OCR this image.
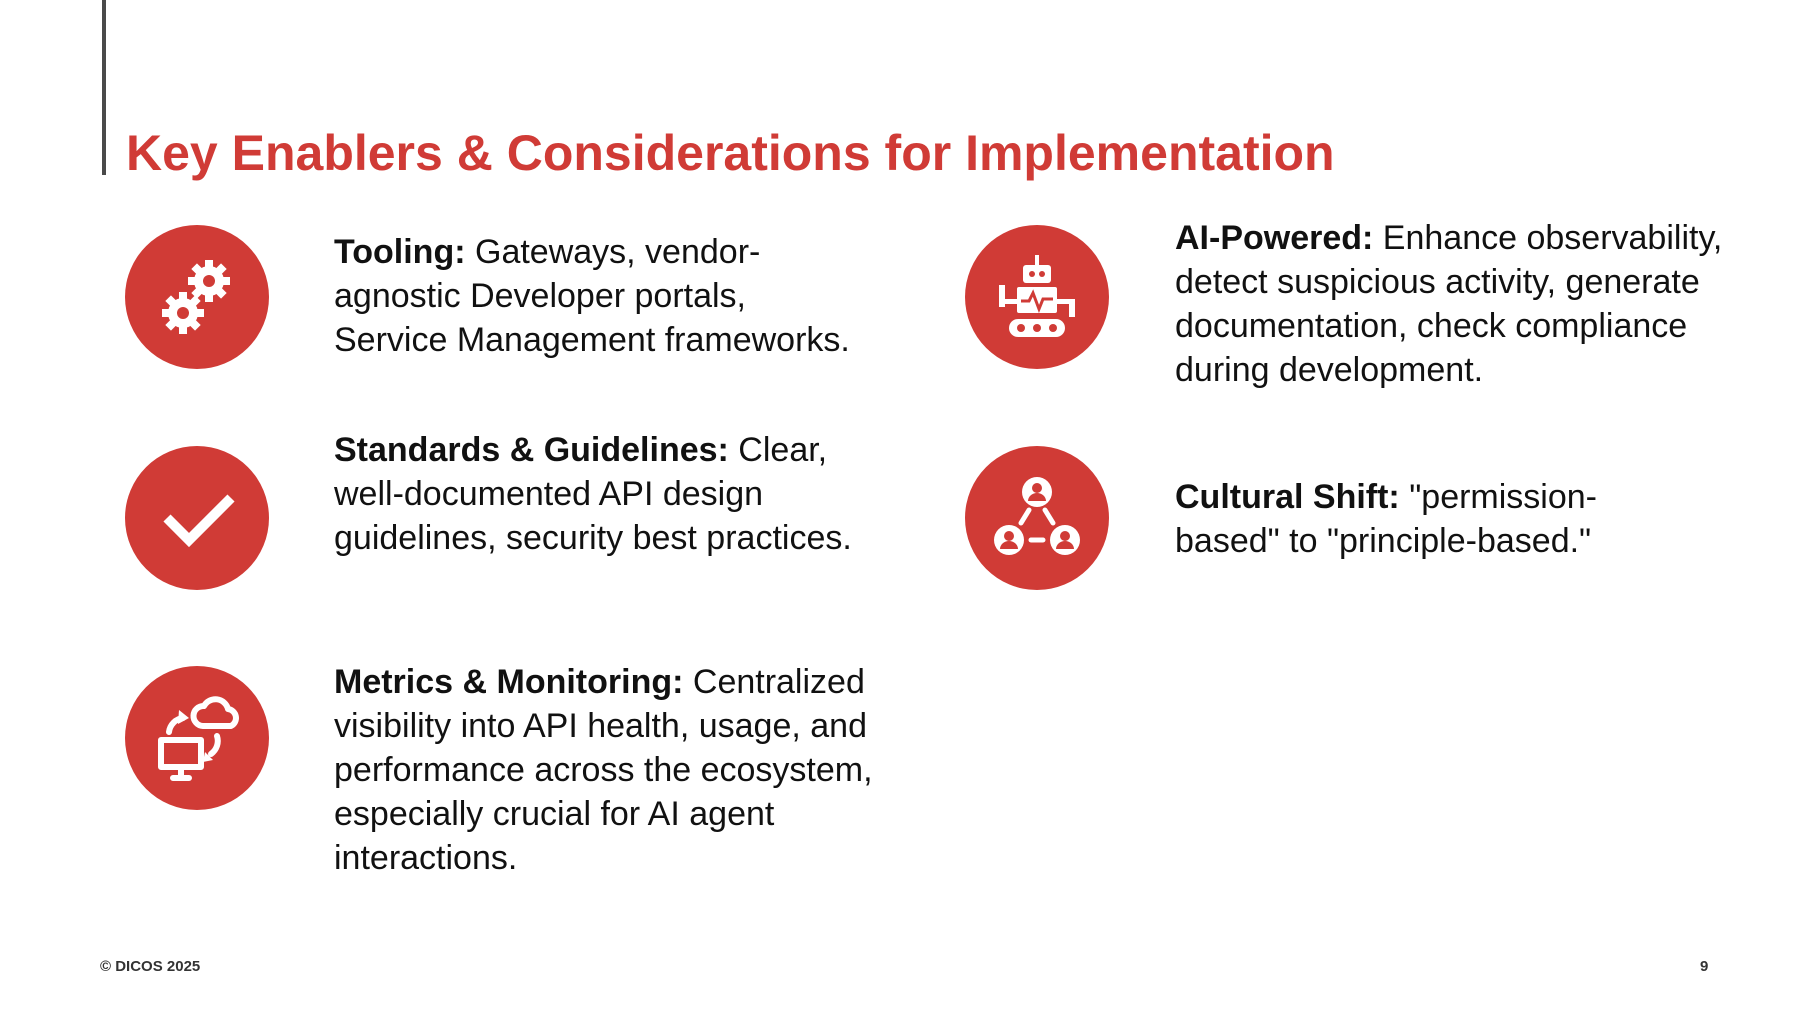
Key Enablers & Considerations for Implementation

Tooling: Gateways, vendor-agnostic Developer portals, Service Management frameworks.

Standards & Guidelines: Clear, well-documented API design guidelines, security best practices.

Metrics & Monitoring: Centralized visibility into API health, usage, and performance across the ecosystem, especially crucial for AI agent interactions.

AI-Powered: Enhance observability, detect suspicious activity, generate documentation, check compliance during development.

Cultural Shift: "permission-based" to "principle-based."

© DICOS 2025	9
